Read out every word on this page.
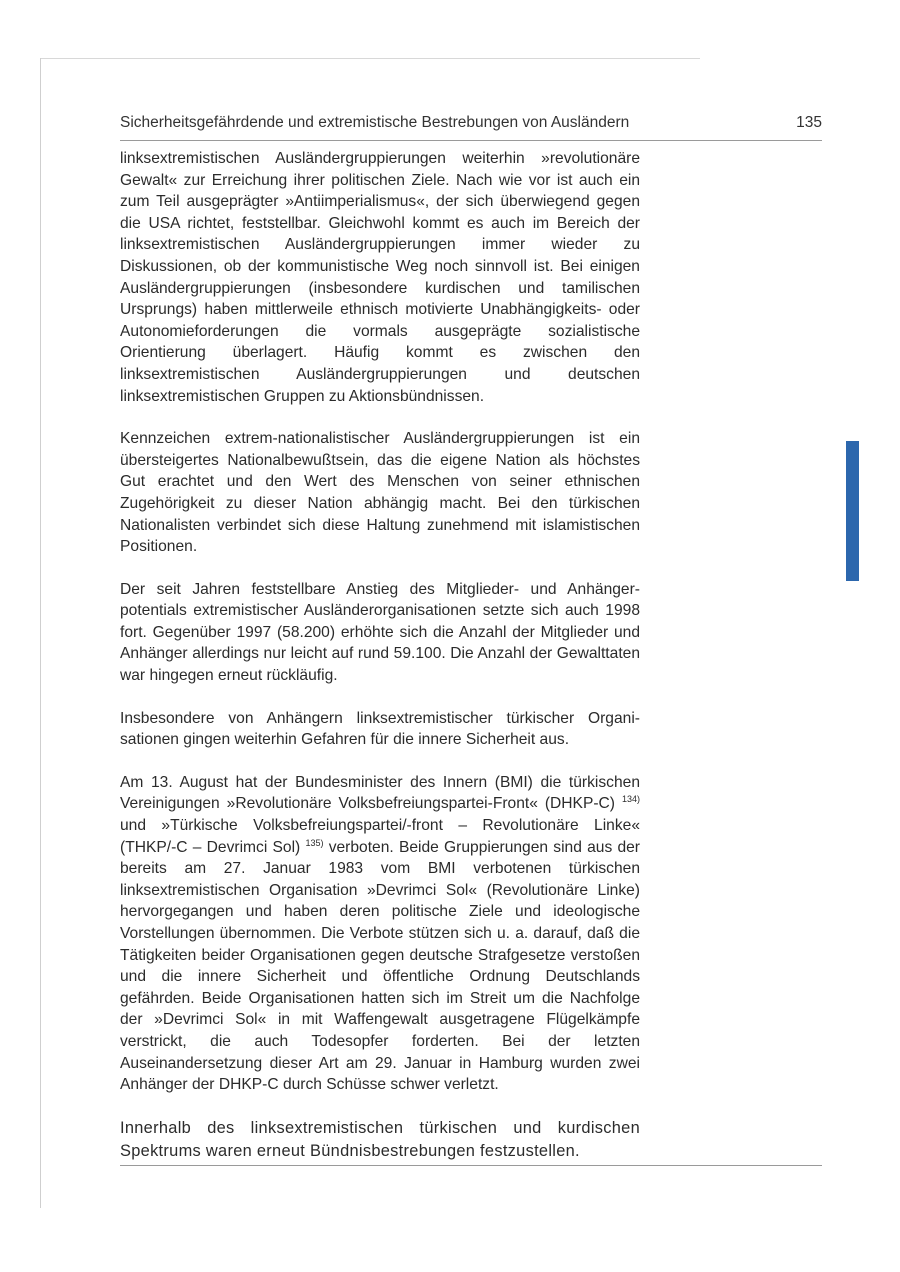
Sicherheitsgefährdende und extremistische Bestrebungen von Ausländern	135

linksextremistischen Ausländergruppierungen weiterhin »revolutionäre Gewalt« zur Erreichung ihrer politischen Ziele. Nach wie vor ist auch ein zum Teil ausgeprägter »Antiimperialismus«, der sich überwiegend gegen die USA richtet, feststellbar. Gleichwohl kommt es auch im Bereich der linksextremistischen Ausländergruppierungen immer wieder zu Diskussionen, ob der kommunistische Weg noch sinnvoll ist. Bei einigen Ausländergruppierungen (insbesondere kurdischen und tamilischen Ursprungs) haben mittlerweile ethnisch motivierte Unabhängigkeits- oder Autonomieforderungen die vormals ausgeprägte sozialistische Orientierung überlagert. Häufig kommt es zwischen den linksextremistischen Ausländergruppierungen und deutschen linksextremistischen Gruppen zu Aktionsbündnissen.

Kennzeichen extrem-nationalistischer Ausländergruppierungen ist ein übersteigertes Nationalbewußtsein, das die eigene Nation als höchstes Gut erachtet und den Wert des Menschen von seiner ethnischen Zugehörigkeit zu dieser Nation abhängig macht. Bei den türkischen Nationalisten verbindet sich diese Haltung zunehmend mit islamistischen Positionen.

Der seit Jahren feststellbare Anstieg des Mitglieder- und Anhängerpotentials extremistischer Ausländerorganisationen setzte sich auch 1998 fort. Gegenüber 1997 (58.200) erhöhte sich die Anzahl der Mitglieder und Anhänger allerdings nur leicht auf rund 59.100. Die Anzahl der Gewalttaten war hingegen erneut rückläufig.

Insbesondere von Anhängern linksextremistischer türkischer Organisationen gingen weiterhin Gefahren für die innere Sicherheit aus.

Am 13. August hat der Bundesminister des Innern (BMI) die türkischen Vereinigungen »Revolutionäre Volksbefreiungspartei-Front« (DHKP-C) $^{134)}$ und »Türkische Volksbefreiungspartei/-front – Revolutionäre Linke« (THKP/-C – Devrimci Sol) $^{135)}$ verboten. Beide Gruppierungen sind aus der bereits am 27. Januar 1983 vom BMI verbotenen türkischen linksextremistischen Organisation »Devrimci Sol« (Revolutionäre Linke) hervorgegangen und haben deren politische Ziele und ideologische Vorstellungen übernommen. Die Verbote stützen sich u. a. darauf, daß die Tätigkeiten beider Organisationen gegen deutsche Strafgesetze verstoßen und die innere Sicherheit und öffentliche Ordnung Deutschlands gefährden. Beide Organisationen hatten sich im Streit um die Nachfolge der »Devrimci Sol« in mit Waffengewalt ausgetragene Flügelkämpfe verstrickt, die auch Todesopfer forderten. Bei der letzten Auseinandersetzung dieser Art am 29. Januar in Hamburg wurden zwei Anhänger der DHKP-C durch Schüsse schwer verletzt.

Innerhalb des linksextremistischen türkischen und kurdischen Spektrums waren erneut Bündnisbestrebungen festzustellen.
